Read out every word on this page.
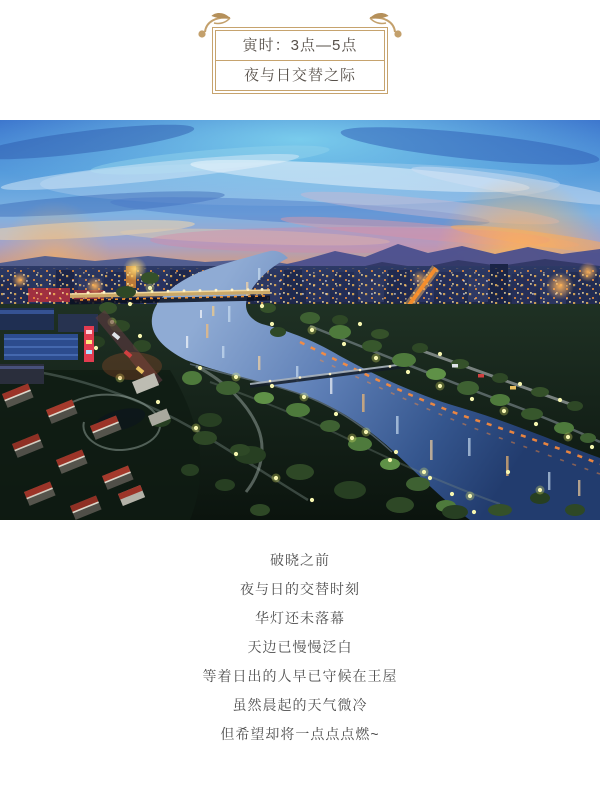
寅时：3点—5点
夜与日交替之际

破晓之前

夜与日的交替时刻

华灯还未落幕

天边已慢慢泛白

等着日出的人早已守候在王屋

虽然晨起的天气微冷

但希望却将一点点点燃~
